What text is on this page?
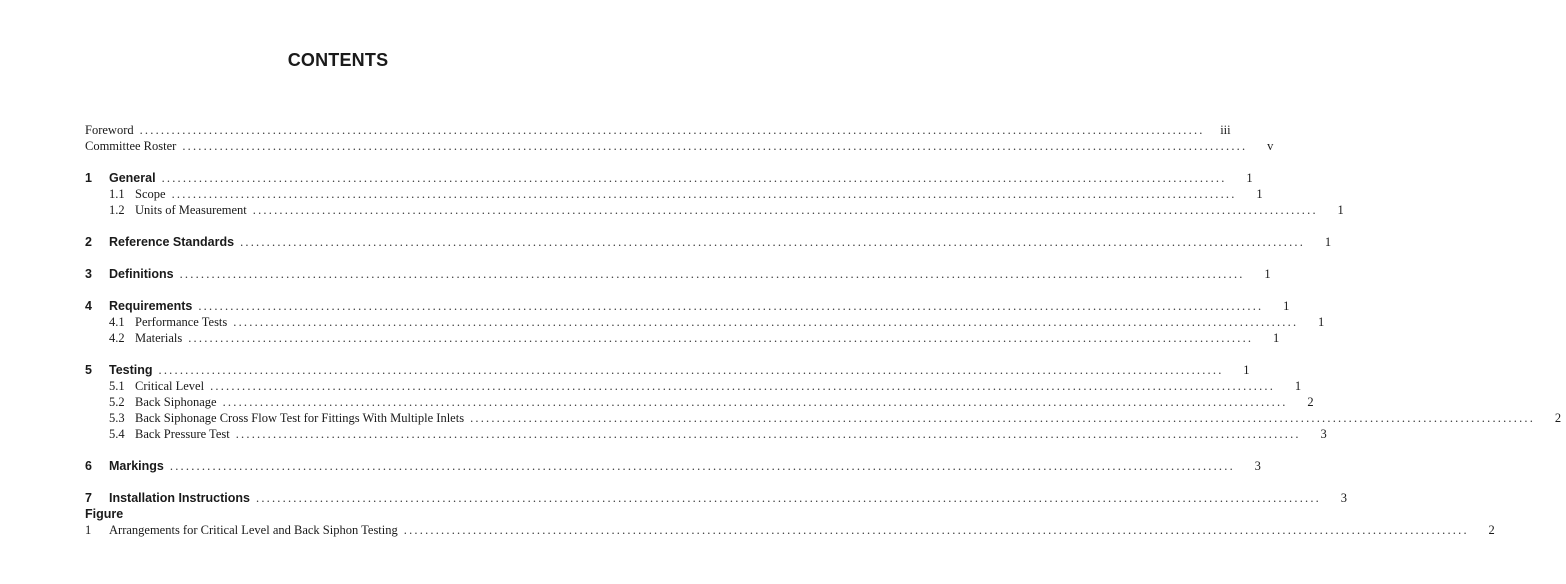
CONTENTS
Foreword ........................................................................................................................................................................................................	iii
Committee Roster ........................................................................................................................................................................................................	v
1	General ........................................................................................................................................................................................................	1
1.1 Scope ........................................................................................................................................................................................................	1
1.2 Units of Measurement ........................................................................................................................................................................................................	1
2	Reference Standards ........................................................................................................................................................................................................	1
3	Definitions ........................................................................................................................................................................................................	1
4	Requirements ........................................................................................................................................................................................................	1
4.1 Performance Tests ........................................................................................................................................................................................................	1
4.2 Materials ........................................................................................................................................................................................................	1
5	Testing ........................................................................................................................................................................................................	1
5.1 Critical Level ........................................................................................................................................................................................................	1
5.2 Back Siphonage ........................................................................................................................................................................................................	2
5.3 Back Siphonage Cross Flow Test for Fittings With Multiple Inlets ........................................................................................................................................................................................................	2
5.4 Back Pressure Test ........................................................................................................................................................................................................	3
6	Markings ........................................................................................................................................................................................................	3
7	Installation Instructions ........................................................................................................................................................................................................	3
Figure
1	Arrangements for Critical Level and Back Siphon Testing ........................................................................................................................................................................................................	2
